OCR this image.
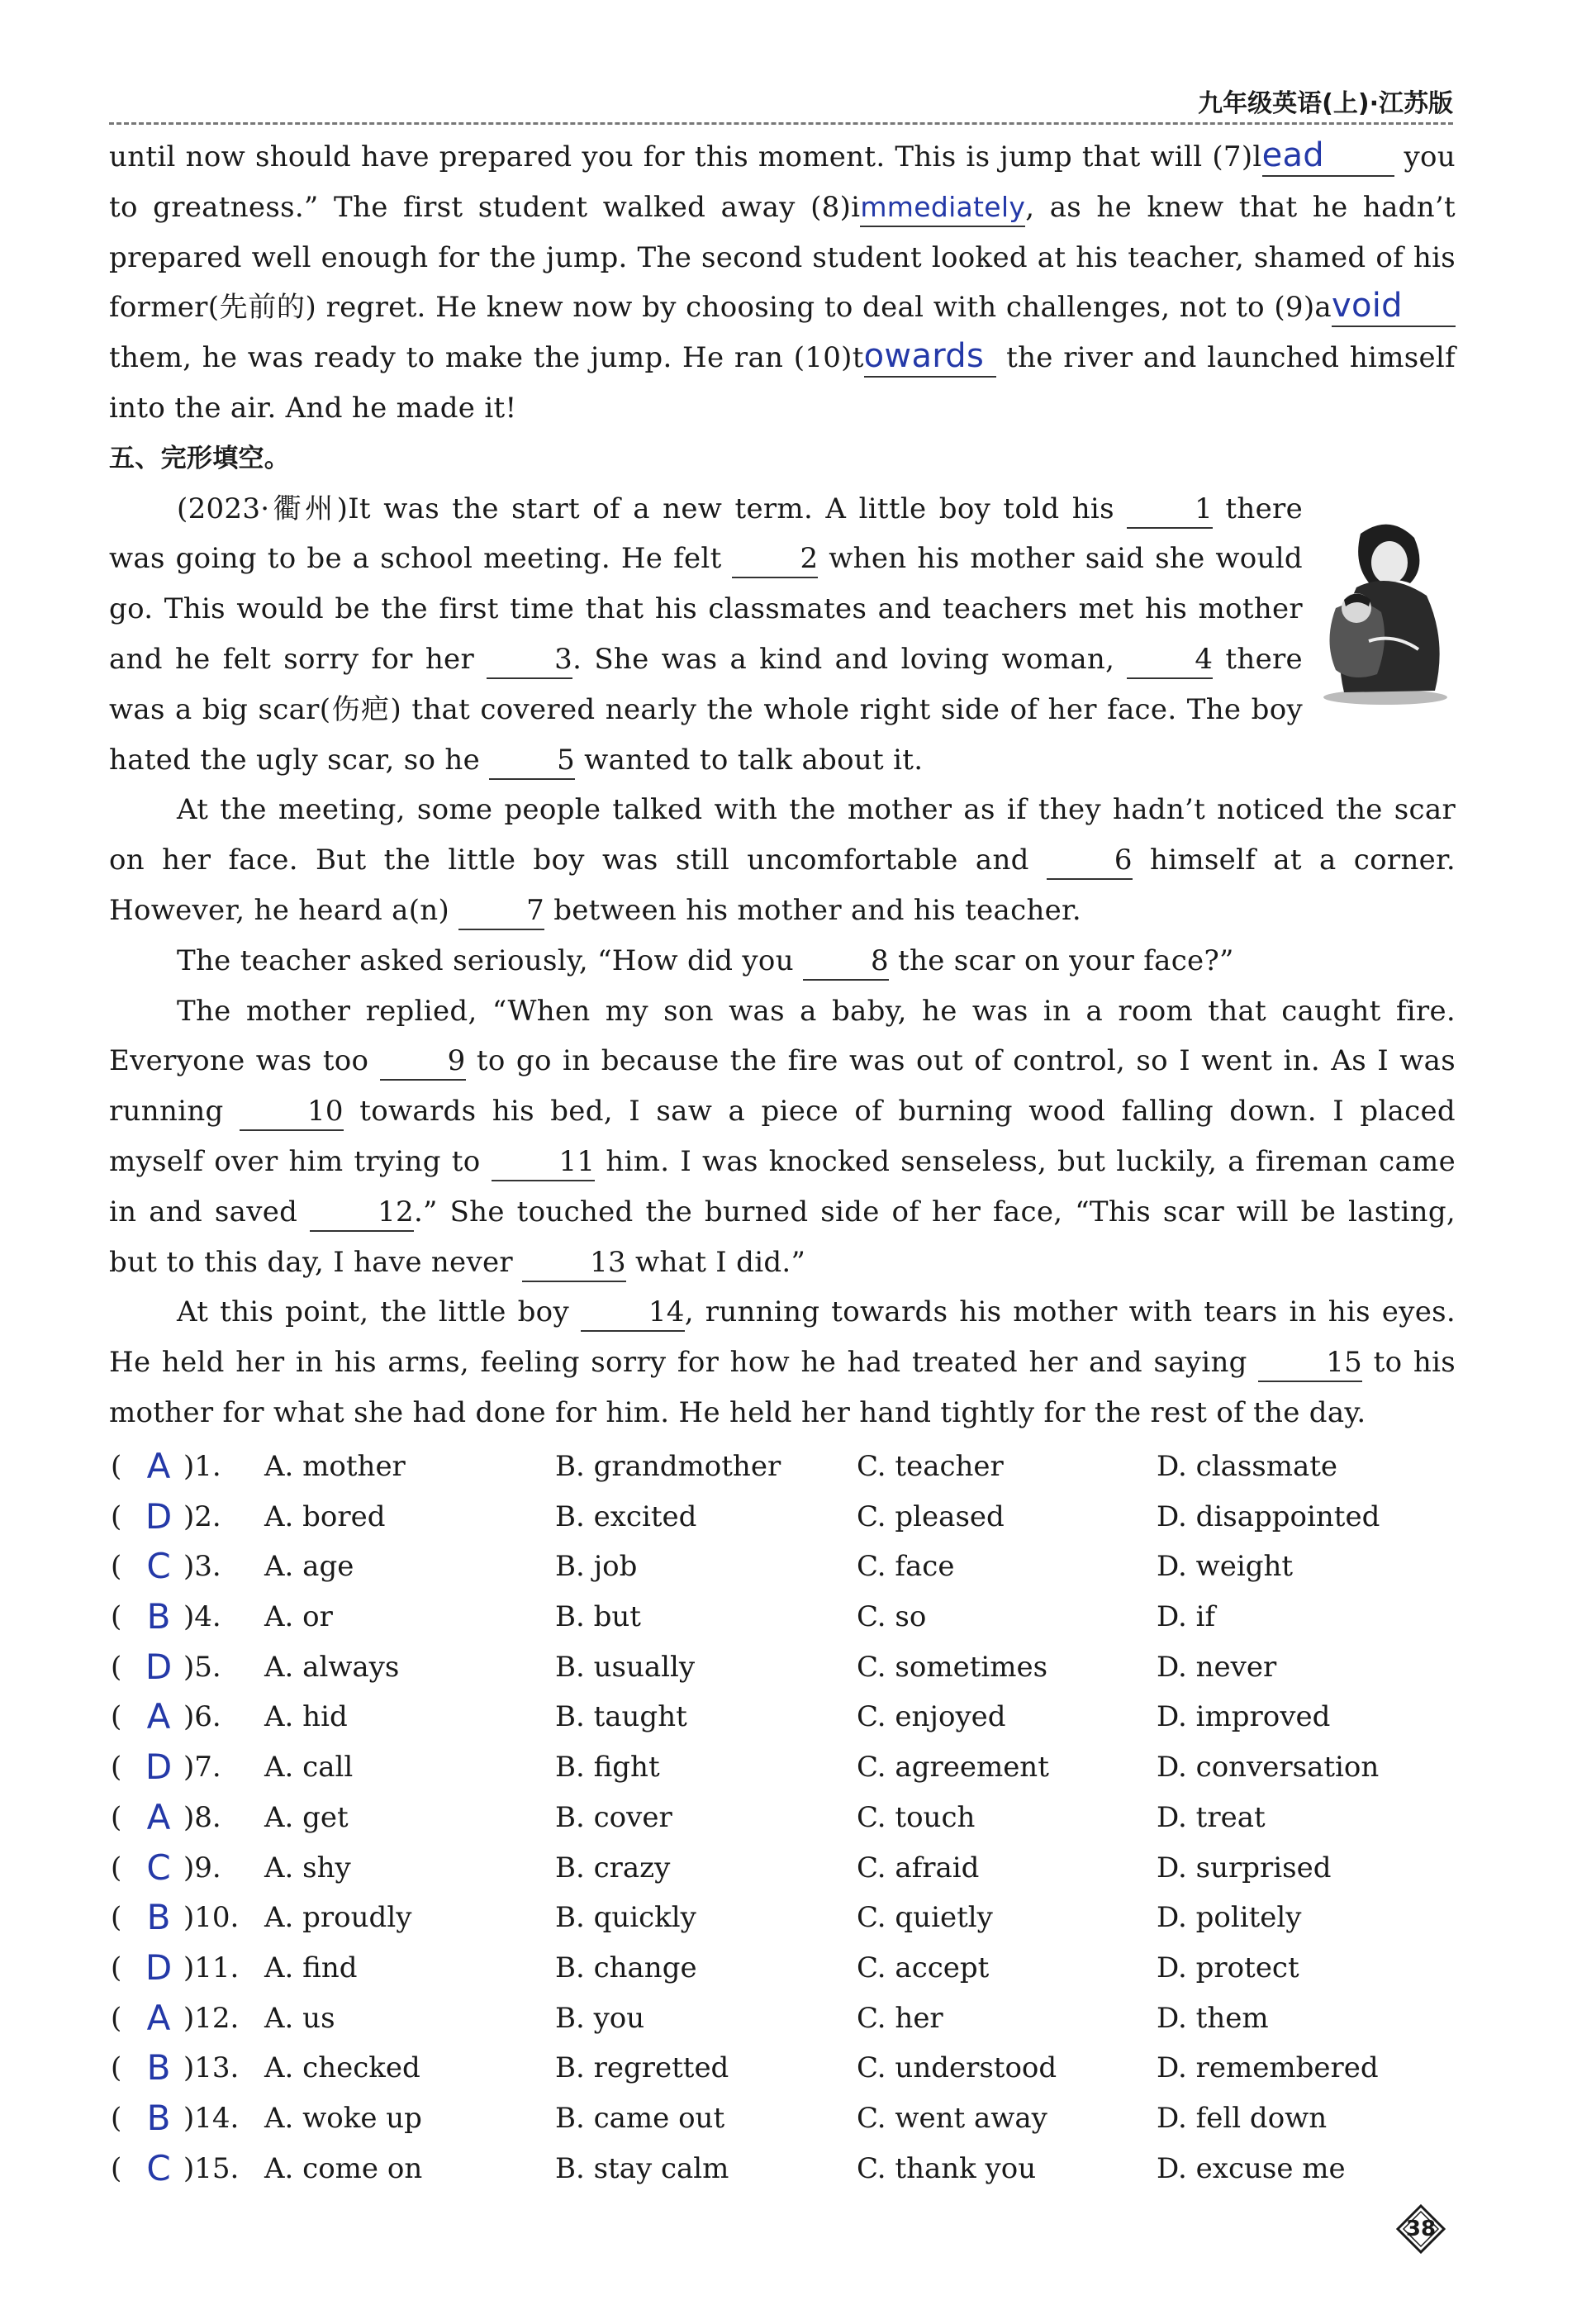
九年级英语(上)·江苏版

until now should have prepared you for this moment. This is jump that will (7)lead	you to greatness.” The first student walked away (8)immediately, as he knew that he hadn’t prepared well enough for the jump. The second student looked at his teacher, shamed of his former(先前的) regret. He knew now by choosing to deal with challenges, not to (9)avoid them, he was ready to make the jump. He ran (10)towards the river and launched himself into the air. And he made it!

五、完形填空。

(2023·衢州)It was the start of a new term. A little boy told his 1 there was going to be a school meeting. He felt 2 when his mother said she would go. This would be the first time that his classmates and teachers met his mother and he felt sorry for her 3. She was a kind and loving woman, 4 there was a big scar(伤疤) that covered nearly the whole right side of her face. The boy hated the ugly scar, so he 5 wanted to talk about it.

At the meeting, some people talked with the mother as if they hadn’t noticed the scar on her face. But the little boy was still uncomfortable and 6 himself at a corner. However, he heard a(n) 7 between his mother and his teacher.

The teacher asked seriously, “How did you 8 the scar on your face?”

The mother replied, “When my son was a baby, he was in a room that caught fire. Everyone was too 9 to go in because the fire was out of control, so I went in. As I was running 10 towards his bed, I saw a piece of burning wood falling down. I placed myself over him trying to 11 him. I was knocked senseless, but luckily, a fireman came in and saved 12.” She touched the burned side of her face, “This scar will be lasting, but to this day, I have never 13 what I did.”

At this point, the little boy 14, running towards his mother with tears in his eyes. He held her in his arms, feeling sorry for how he had treated her and saying 15 to his mother for what she had done for him. He held her hand tightly for the rest of the day.

( A )1. A. mother	B. grandmother	C. teacher	D. classmate
( D )2. A. bored	B. excited	C. pleased	D. disappointed
( C )3. A. age	B. job	C. face	D. weight
( B )4. A. or	B. but	C. so	D. if
( D )5. A. always	B. usually	C. sometimes	D. never
( A )6. A. hid	B. taught	C. enjoyed	D. improved
( D )7. A. call	B. fight	C. agreement	D. conversation
( A )8. A. get	B. cover	C. touch	D. treat
( C )9. A. shy	B. crazy	C. afraid	D. surprised
( B )10. A. proudly	B. quickly	C. quietly	D. politely
( D )11. A. find	B. change	C. accept	D. protect
( A )12. A. us	B. you	C. her	D. them
( B )13. A. checked	B. regretted	C. understood	D. remembered
( B )14. A. woke up	B. came out	C. went away	D. fell down
( C )15. A. come on	B. stay calm	C. thank you	D. excuse me
38
